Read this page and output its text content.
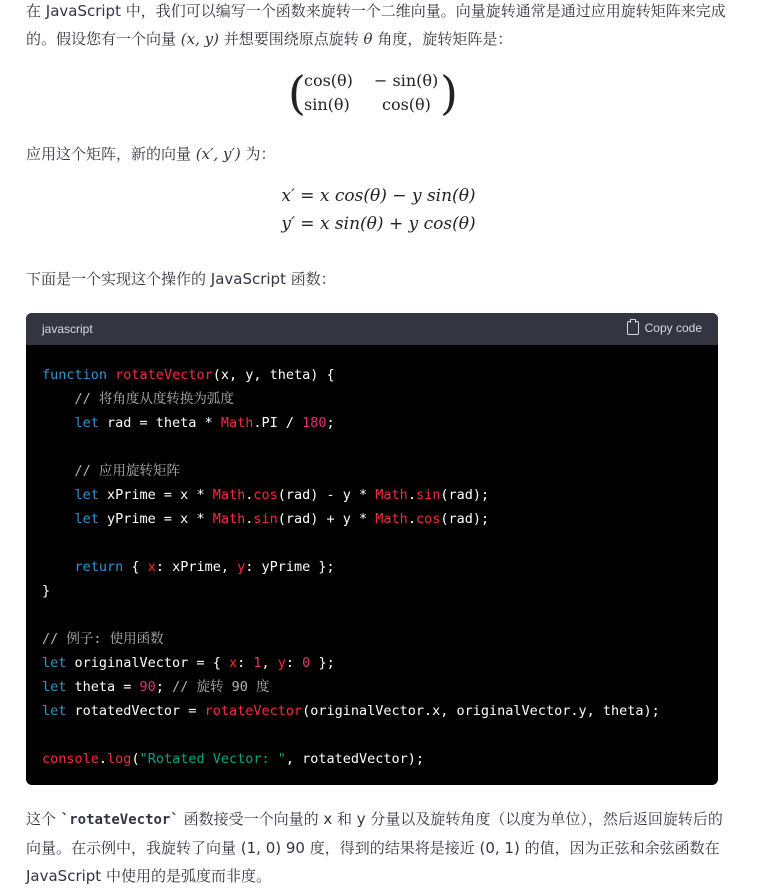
在 JavaScript 中，我们可以编写一个函数来旋转一个二维向量。向量旋转通常是通过应用旋转矩阵来完成的。假设您有一个向量 (x, y) 并想要围绕原点旋转 θ 角度，旋转矩阵是：
(
cos(θ) − sin(θ)
sin(θ) cos(θ) )
应用这个矩阵，新的向量 (x′, y′) 为：
x′ = x cos(θ) − y sin(θ)
y′ = x sin(θ) + y cos(θ)
下面是一个实现这个操作的 JavaScript 函数：
javascript	Copy code
function rotateVector(x, y, theta) {
// 将角度从度转换为弧度
let rad = theta * Math.PI / 180;

// 应用旋转矩阵
let xPrime = x * Math.cos(rad) - y * Math.sin(rad);
let yPrime = x * Math.sin(rad) + y * Math.cos(rad);

return { x: xPrime, y: yPrime };
}

// 例子: 使用函数
let originalVector = { x: 1, y: 0 };
let theta = 90; // 旋转 90 度
let rotatedVector = rotateVector(originalVector.x, originalVector.y, theta);

console.log("Rotated Vector: ", rotatedVector);
这个 `rotateVector` 函数接受一个向量的 x 和 y 分量以及旋转角度（以度为单位），然后返回旋转后的向量。在示例中，我旋转了向量 (1, 0) 90 度，得到的结果将是接近 (0, 1) 的值，因为正弦和余弦函数在 JavaScript 中使用的是弧度而非度。
